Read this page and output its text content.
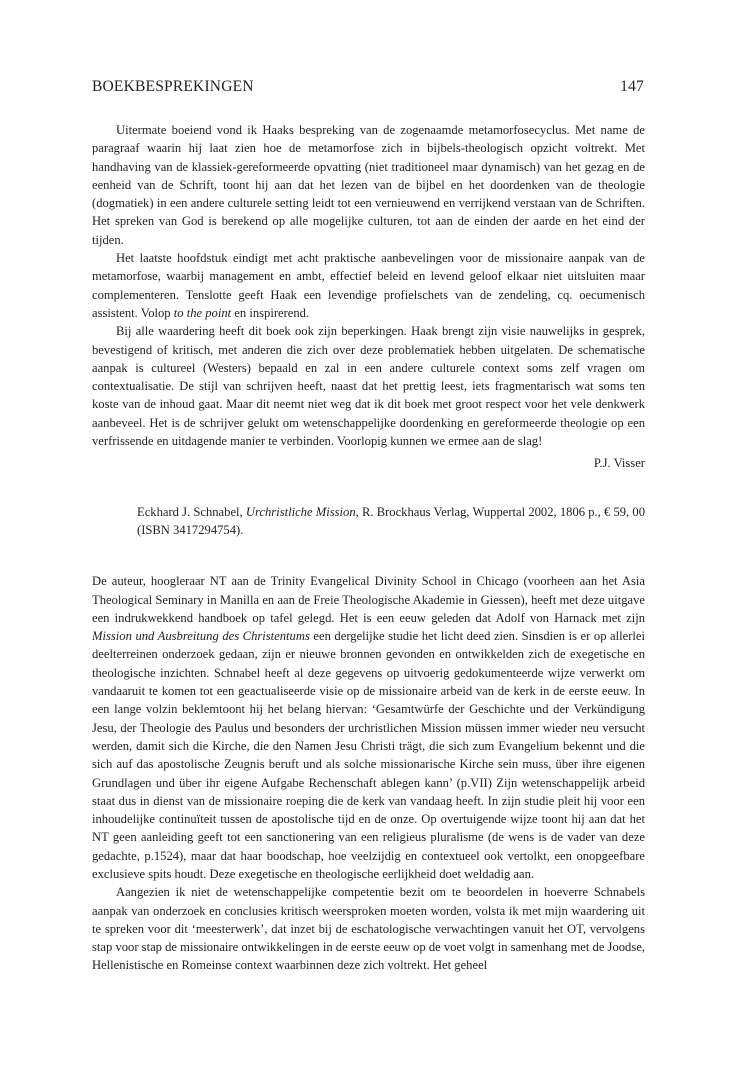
BOEKBESPREKINGEN	147

Uitermate boeiend vond ik Haaks bespreking van de zogenaamde metamorfosecyclus. Met name de paragraaf waarin hij laat zien hoe de metamorfose zich in bijbels-theologisch opzicht voltrekt. Met handhaving van de klassiek-gereformeerde opvatting (niet traditioneel maar dynamisch) van het gezag en de eenheid van de Schrift, toont hij aan dat het lezen van de bijbel en het doordenken van de theologie (dogmatiek) in een andere culturele setting leidt tot een vernieuwend en verrijkend verstaan van de Schriften. Het spreken van God is berekend op alle mogelijke culturen, tot aan de einden der aarde en het eind der tijden.

Het laatste hoofdstuk eindigt met acht praktische aanbevelingen voor de missionaire aanpak van de metamorfose, waarbij management en ambt, effectief beleid en levend geloof elkaar niet uitsluiten maar complementeren. Tenslotte geeft Haak een levendige profielschets van de zendeling, cq. oecumenisch assistent. Volop to the point en inspirerend.

Bij alle waardering heeft dit boek ook zijn beperkingen. Haak brengt zijn visie nauwelijks in gesprek, bevestigend of kritisch, met anderen die zich over deze problematiek hebben uitgelaten. De schematische aanpak is cultureel (Westers) bepaald en zal in een andere culturele context soms zelf vragen om contextualisatie. De stijl van schrijven heeft, naast dat het prettig leest, iets fragmentarisch wat soms ten koste van de inhoud gaat. Maar dit neemt niet weg dat ik dit boek met groot respect voor het vele denkwerk aanbeveel. Het is de schrijver gelukt om wetenschappelijke doordenking en gereformeerde theologie op een verfrissende en uitdagende manier te verbinden. Voorlopig kunnen we ermee aan de slag!

P.J. Visser

Eckhard J. Schnabel, Urchristliche Mission, R. Brockhaus Verlag, Wuppertal 2002, 1806 p., € 59, 00 (ISBN 3417294754).

De auteur, hoogleraar NT aan de Trinity Evangelical Divinity School in Chicago (voorheen aan het Asia Theological Seminary in Manilla en aan de Freie Theologische Akademie in Giessen), heeft met deze uitgave een indrukwekkend handboek op tafel gelegd. Het is een eeuw geleden dat Adolf von Harnack met zijn Mission und Ausbreitung des Christentums een dergelijke studie het licht deed zien. Sinsdien is er op allerlei deelterreinen onderzoek gedaan, zijn er nieuwe bronnen gevonden en ontwikkelden zich de exegetische en theologische inzichten. Schnabel heeft al deze gegevens op uitvoerig gedokumenteerde wijze verwerkt om vandaaruit te komen tot een geactualiseerde visie op de missionaire arbeid van de kerk in de eerste eeuw. In een lange volzin beklemtoont hij het belang hiervan: ‘Gesamtwürfe der Geschichte und der Verkündigung Jesu, der Theologie des Paulus und besonders der urchristlichen Mission müssen immer wieder neu versucht werden, damit sich die Kirche, die den Namen Jesu Christi trägt, die sich zum Evangelium bekennt und die sich auf das apostolische Zeugnis beruft und als solche missionarische Kirche sein muss, über ihre eigenen Grundlagen und über ihr eigene Aufgabe Rechenschaft ablegen kann’ (p.VII) Zijn wetenschappelijk arbeid staat dus in dienst van de missionaire roeping die de kerk van vandaag heeft. In zijn studie pleit hij voor een inhoudelijke continuïteit tussen de apostolische tijd en de onze. Op overtuigende wijze toont hij aan dat het NT geen aanleiding geeft tot een sanctionering van een religieus pluralisme (de wens is de vader van deze gedachte, p.1524), maar dat haar boodschap, hoe veelzijdig en contextueel ook vertolkt, een onopgeefbare exclusieve spits houdt. Deze exegetische en theologische eerlijkheid doet weldadig aan.

Aangezien ik niet de wetenschappelijke competentie bezit om te beoordelen in hoeverre Schnabels aanpak van onderzoek en conclusies kritisch weersproken moeten worden, volsta ik met mijn waardering uit te spreken voor dit ‘meesterwerk’, dat inzet bij de eschatologische verwachtingen vanuit het OT, vervolgens stap voor stap de missionaire ontwikkelingen in de eerste eeuw op de voet volgt in samenhang met de Joodse, Hellenistische en Romeinse context waarbinnen deze zich voltrekt. Het geheel
